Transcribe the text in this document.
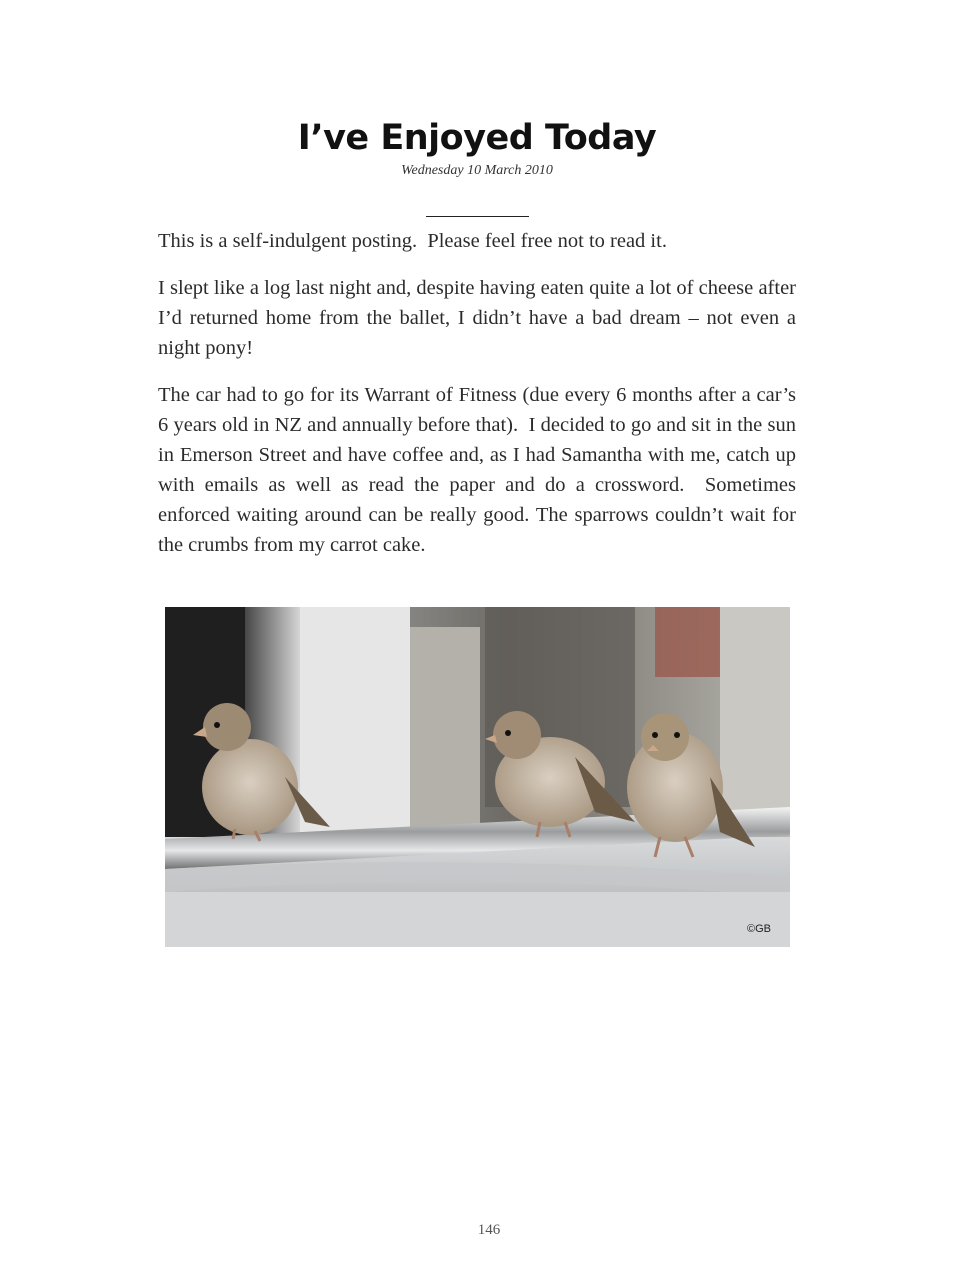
I’ve Enjoyed Today
Wednesday 10 March 2010

This is a self-indulgent posting.  Please feel free not to read it.

I slept like a log last night and, despite having eaten quite a lot of cheese after I’d returned home from the ballet, I didn’t have a bad dream – not even a night pony!

The car had to go for its Warrant of Fitness (due every 6 months after a car’s 6 years old in NZ and annually before that).  I decided to go and sit in the sun in Emerson Street and have coffee and, as I had Samantha with me, catch up with emails as well as read the paper and do a crossword.  Sometimes enforced waiting around can be really good. The sparrows couldn’t wait for the crumbs from my carrot cake.

©GB
146
